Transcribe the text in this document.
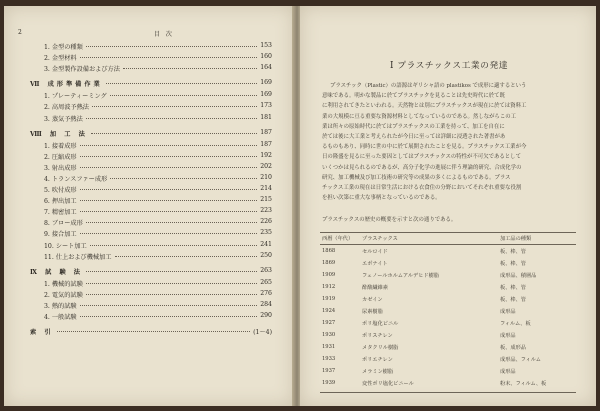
2	目 次
1. 金型の種類	153
2. 金型材料	160
3. 金型製作設備および方法	164
Ⅶ 成形準備作業	169
1. プレーティーミング	169
2. 高周波予熱法	173
3. 蒸気予熱法	181
Ⅷ 加 工 法	187
1. 接着成形	187
2. 圧縮成形	192
3. 射出成形	202
4. トランスファー成形	210
5. 吹付成形	214
6. 押出加工	215
7. 精密加工	223
8. ブロー成形	226
9. 接合加工	235
10. シート加工	241
11. 仕上および機械加工	250
Ⅸ 試 験 法	263
1. 機械的試験	265
2. 電気的試験	276
3. 熱的試験	284
4. 一般試験	290
索 引	(1～4)
Ⅰ プラスチックス工業の発達
プラスチック（Plastic）の語源はギリシャ語の plastikos で成形に適するという
意味である。明かな製品に於てプラスチックを見ることは先史時代に於て既
に利用されてきたといわれる。天然物とは別にプラスチックスが現在に於ては資料工
業の大規模に亘る重要な資源材料としてなっているのである。然しながらこの工
業は所々の原始時代に於てはプラスチックスの工業を持って、加工を自在に
於ては後に大工業と考えられたが今日に至っては詳細に浸透された著書があ
るものもあり、同時に世の中に於て展開されたことを見る。プラスチックス工業が今
日の隆盛を見るに至った要因としてはプラスチックスの特性が不可欠であるとして
いくつかは見られるのであるが、高分子化学の進展に伴う理論的研究、合成化学の
研究、加工機械及び加工技術の研究等の成果の多くによるものである。プラス
チックス工業の現在は日常生活における衣食住の分野においてそれぞれ重要な役割
を担い次第に重大な事柄となっているのである。
プラスチックスの歴史の概要を示すと次の通りである。
西暦（年代） プラスチックス	加工品の種類
1868	セルロイド	板、棒、管
1869	エボナイト	板、棒、管
1909	フェノールホルムアルデヒド樹脂	成形品、積層品
1912	酢酸繊維素	板、棒、管
1919	カゼイン	板、棒、管
1924	尿素樹脂	成形品
1927	ポリ塩化ビニル	フィルム、板
1930	ポリスチレン	成形品
1931	メタクリル樹脂	板、成形品
1933	ポリエチレン	成形品、フィルム
1937	メラミン樹脂	成形品
1939	変性ポリ塩化ビニール	粉末、フィルム、板
